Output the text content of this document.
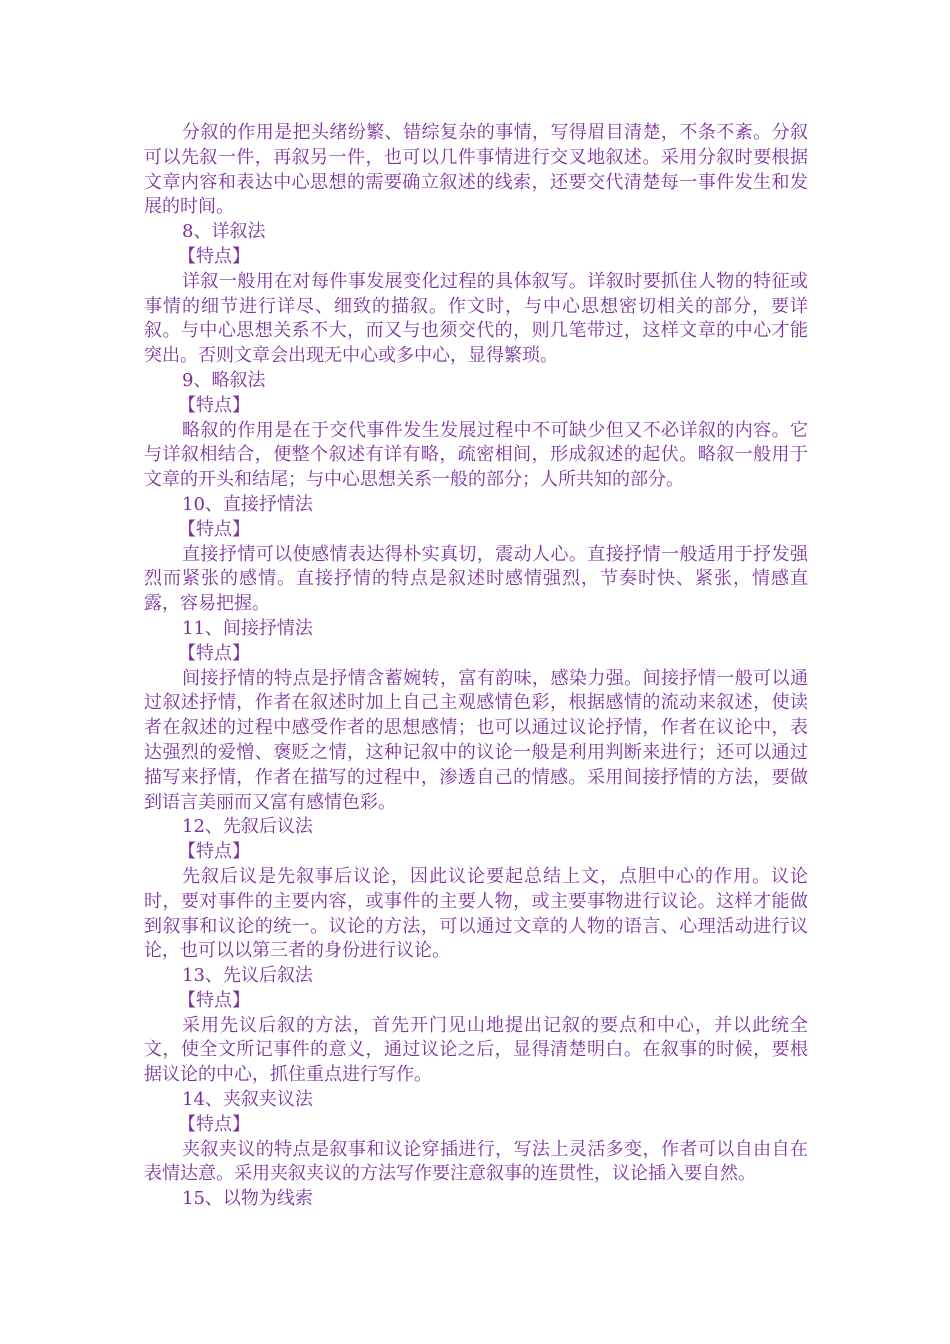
分叙的作用是把头绪纷繁、错综复杂的事情，写得眉目清楚，不条不紊。分叙可以先叙一件，再叙另一件，也可以几件事情进行交叉地叙述。采用分叙时要根据文章内容和表达中心思想的需要确立叙述的线索，还要交代清楚每一事件发生和发展的时间。

8、详叙法

【特点】

详叙一般用在对每件事发展变化过程的具体叙写。详叙时要抓住人物的特征或事情的细节进行详尽、细致的描叙。作文时，与中心思想密切相关的部分，要详叙。与中心思想关系不大，而又与也须交代的，则几笔带过，这样文章的中心才能突出。否则文章会出现无中心或多中心，显得繁琐。

9、略叙法

【特点】

略叙的作用是在于交代事件发生发展过程中不可缺少但又不必详叙的内容。它与详叙相结合，便整个叙述有详有略，疏密相间，形成叙述的起伏。略叙一般用于文章的开头和结尾；与中心思想关系一般的部分；人所共知的部分。

10、直接抒情法

【特点】

直接抒情可以使感情表达得朴实真切，震动人心。直接抒情一般适用于抒发强烈而紧张的感情。直接抒情的特点是叙述时感情强烈，节奏时快、紧张，情感直露，容易把握。

11、间接抒情法

【特点】

间接抒情的特点是抒情含蓄婉转，富有韵味，感染力强。间接抒情一般可以通过叙述抒情，作者在叙述时加上自己主观感情色彩，根据感情的流动来叙述，使读者在叙述的过程中感受作者的思想感情；也可以通过议论抒情，作者在议论中，表达强烈的爱憎、褒贬之情，这种记叙中的议论一般是利用判断来进行；还可以通过描写来抒情，作者在描写的过程中，渗透自己的情感。采用间接抒情的方法，要做到语言美丽而又富有感情色彩。

12、先叙后议法

【特点】

先叙后议是先叙事后议论，因此议论要起总结上文，点胆中心的作用。议论时，要对事件的主要内容，或事件的主要人物，或主要事物进行议论。这样才能做到叙事和议论的统一。议论的方法，可以通过文章的人物的语言、心理活动进行议论，也可以以第三者的身份进行议论。

13、先议后叙法

【特点】

采用先议后叙的方法，首先开门见山地提出记叙的要点和中心，并以此统全文，使全文所记事件的意义，通过议论之后，显得清楚明白。在叙事的时候，要根据议论的中心，抓住重点进行写作。

14、夹叙夹议法

【特点】

夹叙夹议的特点是叙事和议论穿插进行，写法上灵活多变，作者可以自由自在表情达意。采用夹叙夹议的方法写作要注意叙事的连贯性，议论插入要自然。

15、以物为线索
